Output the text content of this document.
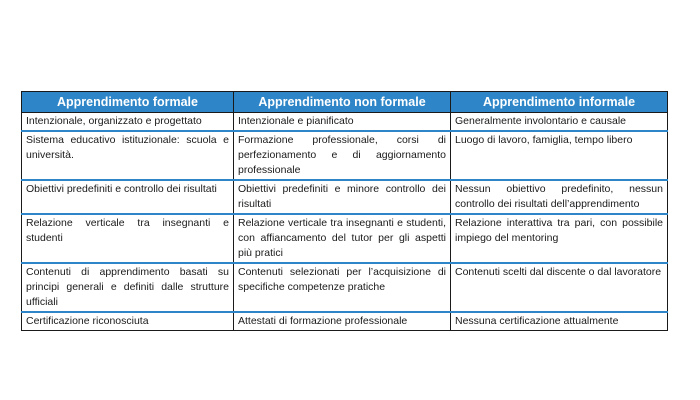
Apprendimento formale	Apprendimento non formale	Apprendimento informale
Intenzionale, organizzato e progettato	Intenzionale e pianificato	Generalmente involontario e causale
Sistema educativo istituzionale: scuola e università.	Formazione professionale, corsi di perfezionamento e di aggiornamento professionale	Luogo di lavoro, famiglia, tempo libero
Obiettivi predefiniti e controllo dei risultati	Obiettivi predefiniti e minore controllo dei risultati	Nessun obiettivo predefinito, nessun controllo dei risultati dell’apprendimento
Relazione verticale tra insegnanti e studenti	Relazione verticale tra insegnanti e studenti, con affiancamento del tutor per gli aspetti più pratici	Relazione interattiva tra pari, con possibile impiego del mentoring
Contenuti di apprendimento basati su principi generali e definiti dalle strutture ufficiali	Contenuti selezionati per l’acquisizione di specifiche competenze pratiche	Contenuti scelti dal discente o dal lavoratore
Certificazione riconosciuta	Attestati di formazione professionale	Nessuna certificazione attualmente
